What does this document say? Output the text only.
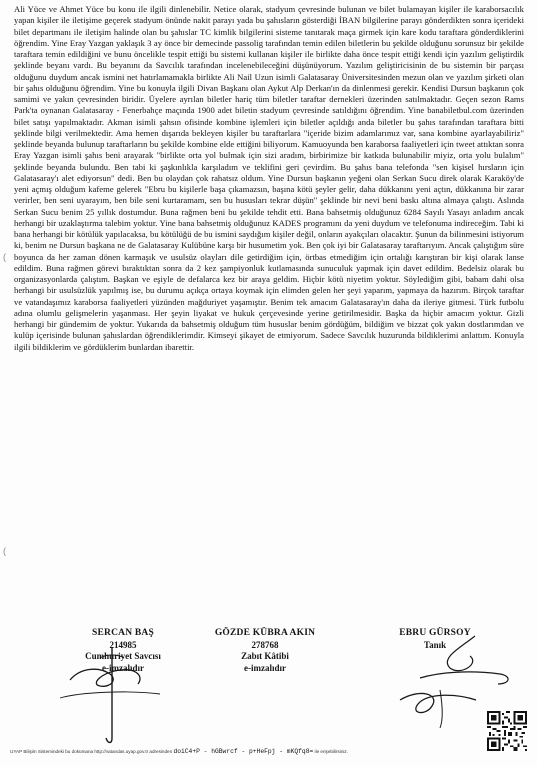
(
(

Ali Yüce ve Ahmet Yüce bu konu ile ilgili dinlenebilir. Netice olarak, stadyum çevresinde bulunan ve bilet bulamayan kişiler ile karaborsacılık yapan kişiler ile iletişime geçerek stadyum önünde nakit parayı yada bu şahısların gösterdiği İBAN bilgilerine parayı gönderdikten sonra içerideki bilet departmanı ile iletişim halinde olan bu şahıslar TC kimlik bilgilerini sisteme tanıtarak maça girmek için kare kodu taraftara gönderdiklerini öğrendim. Yine Eray Yazgan yaklaşık 3 ay önce bir demecinde passolig tarafından temin edilen biletlerin bu şekilde olduğunu sorunsuz bir şekilde taraftara temin edildiğini ve bunu öncelikle tespit ettiği bu sistemi kullanan kişiler ile birlikte daha önce tespit ettiği kendi için yazılım geliştirdik şeklinde beyanı vardı. Bu beyanını da Savcılık tarafından incelenebileceğini düşünüyorum. Yazılım geliştiricisinin de bu sistemin bir parçası olduğunu duydum ancak ismini net hatırlamamakla birlikte Ali Nail Uzun isimli Galatasaray Üniversitesinden mezun olan ve yazılım şirketi olan bir şahıs olduğunu öğrendim. Yine bu konuyla ilgili Divan Başkanı olan Aykut Alp Derkan'ın da dinlenmesi gerekir. Kendisi Dursun başkanın çok samimi ve yakın çevresinden biridir. Üyelere ayrılan biletler hariç tüm biletler taraftar dernekleri üzerinden satılmaktadır. Geçen sezon Rams Park'ta oynanan Galatasaray - Fenerbahçe maçında 1900 adet biletin stadyum çevresinde satıldığını öğrendim. Yine banabiletbul.com üzerinden bilet satışı yapılmaktadır. Akman isimli şahsın ofisinde kombine işlemleri için biletler açıldığı anda biletler bu şahıs tarafından taraftara bitti şeklinde bilgi verilmektedir. Ama hemen dışarıda bekleyen kişiler bu taraftarlara "içeride bizim adamlarımız var, sana kombine ayarlayabiliriz" şeklinde beyanda bulunup taraftarların bu şekilde kombine elde ettiğini biliyorum. Kamuoyunda ben karaborsa faaliyetleri için tweet attıktan sonra Eray Yazgan isimli şahıs beni arayarak "birlikte orta yol bulmak için sizi aradım, birbirimize bir katkıda bulunabilir miyiz, orta yolu bulalım" şeklinde beyanda bulundu. Ben tabi ki şaşkınlıkla karşıladım ve teklifini geri çevirdim. Bu şahıs bana telefonda "sen kişisel hırsların için Galatasaray'ı alet ediyorsun" dedi. Ben bu olaydan çok rahatsız oldum. Yine Dursun başkanın yeğeni olan Serkan Sucu direk olarak Karaköy'de yeni açmış olduğum kafeme gelerek "Ebru bu kişilerle başa çıkamazsın, başına kötü şeyler gelir, daha dükkanını yeni açtın, dükkanına bir zarar verirler, ben seni uyarayım, ben bile seni kurtaramam, sen bu hususları tekrar düşün" şeklinde bir nevi beni baskı altına almaya çalıştı. Aslında Serkan Sucu benim 25 yıllık dostumdur. Buna rağmen beni bu şekilde tehdit etti. Bana bahsetmiş olduğunuz 6284 Sayılı Yasayı anladım ancak herhangi bir uzaklaştırma talebim yoktur. Yine bana bahsetmiş olduğunuz KADES programını da yeni duydum ve telefonuma indireceğim. Tabi ki bana herhangi bir kötülük yapılacaksa, bu kötülüğü de bu ismini saydığım kişiler değil, onların ayakçıları olacaktır. Şunun da bilinmesini istiyorum ki, benim ne Dursun başkana ne de Galatasaray Kulübüne karşı bir husumetim yok. Ben çok iyi bir Galatasaray taraftarıyım. Ancak çalıştığım süre boyunca da her zaman dönen karmaşık ve usulsüz olayları dile getirdiğim için, örtbas etmediğim için ortalığı karıştıran bir kişi olarak lanse edildim. Buna rağmen görevi bıraktıktan sonra da 2 kez şampiyonluk kutlamasında sunuculuk yapmak için davet edildim. Bedelsiz olarak bu organizasyonlarda çalıştım. Başkan ve eşiyle de defalarca kez bir araya geldim. Hiçbir kötü niyetim yoktur. Söylediğim gibi, babam dahi olsa herhangi bir usulsüzlük yapılmış ise, bu durumu açıkça ortaya koymak için elimden gelen her şeyi yaparım, yapmaya da hazırım. Birçok taraftar ve vatandaşımız karaborsa faaliyetleri yüzünden mağduriyet yaşamıştır. Benim tek amacım Galatasaray'ın daha da ileriye gitmesi. Türk futbolu adına olumlu gelişmelerin yaşanması. Her şeyin liyakat ve hukuk çerçevesinde yerine getirilmesidir. Başka da hiçbir amacım yoktur. Gizli herhangi bir gündemim de yoktur. Yukarıda da bahsetmiş olduğum tüm hususlar benim gördüğüm, bildiğim ve bizzat çok yakın dostlarımdan ve kulüp içerisinde bulunan şahıslardan öğrendiklerimdir. Kimseyi şikayet de etmiyorum. Sadece Savcılık huzurunda bildiklerimi anlattım. Konuyla ilgili bildiklerim ve gördüklerim bunlardan ibarettir.

SERCAN BAŞ
214985
Cumhuriyet Savcısı
e-imzalıdır
GÖZDE KÜBRA AKIN
278768
Zabıt Kâtibi
e-imzalıdır
EBRU GÜRSOY
Tanık
UYAP Bilişim Sistemindeki bu dokümana http://vatandas.uyap.gov.tr adresinden doiC4+P - hGBwrcf - p+HeFpj - mKQfq8= ile erişebilirsiniz.
